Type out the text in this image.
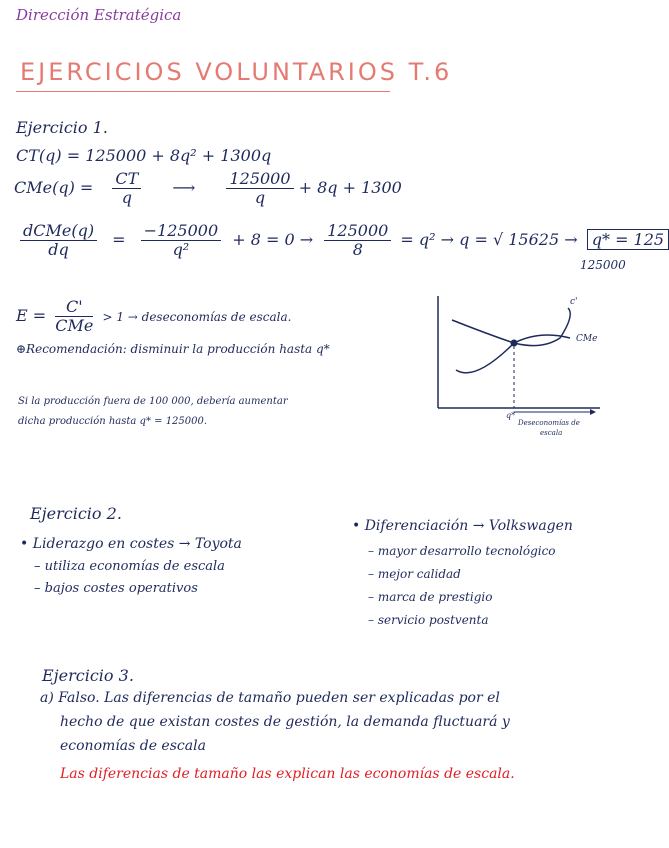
Dirección Estratégica
EJERCICIOS VOLUNTARIOS T.6
Ejercicio 1.
CT(q) = 125000 + 8q² + 1300q
$CMe(q) = \frac{CT}{q}$ ⟶ $\frac{125000}{q} + 8q + 1300$
$\frac{\text{dCMe(q)}}{dq} = \frac{-125000}{\text{q²}} + 8 = 0 \to \frac{125000}{8} = q^2 \to q$ = √ 15625 → q* = 125
125000
$E = \frac{C'}{\text{CMe}} > 1$ → deseconomías de escala.
⊕Recomendación: disminuir la producción hasta q*
Si la producción fuera de 100 000, debería aumentar
dicha producción hasta q* = 125000.
c'
CMe
q*
Deseconomías de
escala
Ejercicio 2.
• Liderazgo en costes → Toyota
– utiliza economías de escala
– bajos costes operativos
• Diferenciación → Volkswagen
– mayor desarrollo tecnológico
– mejor calidad
– marca de prestigio
– servicio postventa
Ejercicio 3.
a) Falso. Las diferencias de tamaño pueden ser explicadas por el
hecho de que existan costes de gestión, la demanda fluctuará y
economías de escala
Las diferencias de tamaño las explican las economías de escala.
